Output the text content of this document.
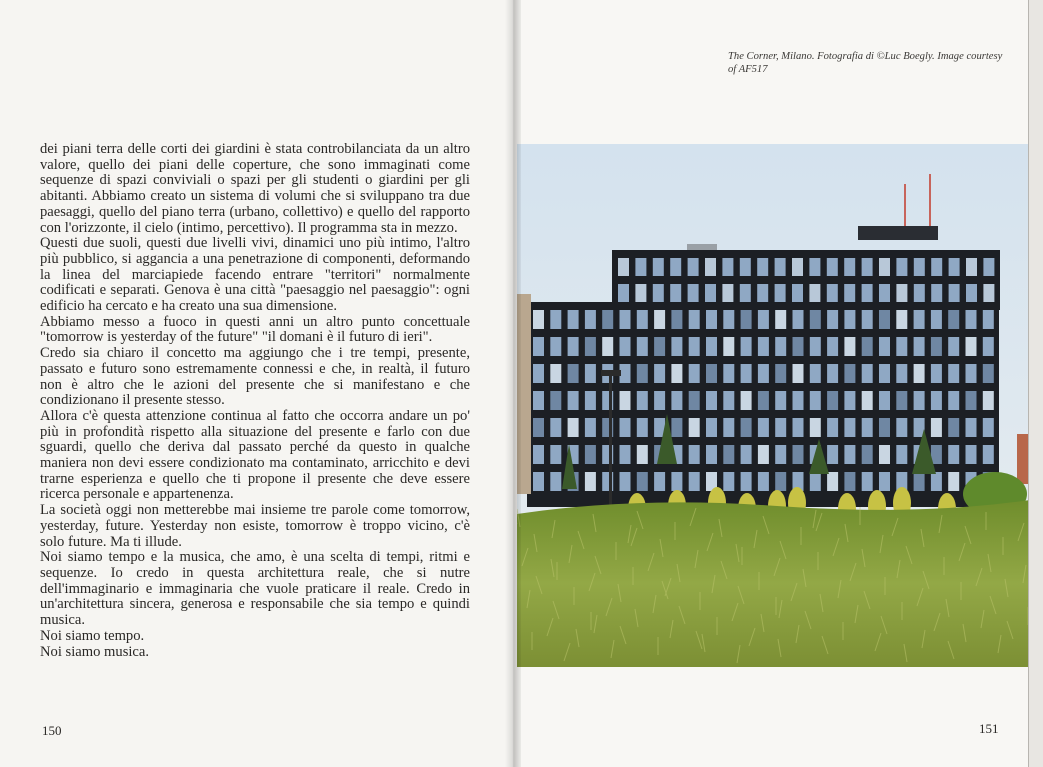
dei piani terra delle corti dei giardini è stata controbilanciata da un altro valore, quello dei piani delle coperture, che sono immaginati come sequenze di spazi conviviali o spazi per gli studenti o giardini per gli abitanti. Abbiamo creato un sistema di volumi che si sviluppano tra due paesaggi, quello del piano terra (urbano, collettivo) e quello del rapporto con l'orizzonte, il cielo (intimo, percettivo). Il programma sta in mezzo.

Questi due suoli, questi due livelli vivi, dinamici uno più intimo, l'altro più pubblico, si aggancia a una penetrazione di componenti, deformando la linea del marciapiede facendo entrare "territori" normalmente codificati e separati. Genova è una città "paesaggio nel paesaggio": ogni edificio ha cercato e ha creato una sua dimensione.

Abbiamo messo a fuoco in questi anni un altro punto concettuale "tomorrow is yesterday of the future" "il domani è il futuro di ieri".

Credo sia chiaro il concetto ma aggiungo che i tre tempi, presente, passato e futuro sono estremamente connessi e che, in realtà, il futuro non è altro che le azioni del presente che si manifestano e che condizionano il presente stesso.

Allora c'è questa attenzione continua al fatto che occorra andare un po' più in profondità rispetto alla situazione del presente e farlo con due sguardi, quello che deriva dal passato perché da questo in qualche maniera non devi essere condizionato ma contaminato, arricchito e devi trarne esperienza e quello che ti propone il presente che deve essere ricerca personale e appartenenza.

La società oggi non metterebbe mai insieme tre parole come tomorrow, yesterday, future. Yesterday non esiste, tomorrow è troppo vicino, c'è solo future. Ma ti illude.

Noi siamo tempo e la musica, che amo, è una scelta di tempi, ritmi e sequenze. Io credo in questa architettura reale, che si nutre dell'immaginario e immaginaria che vuole praticare il reale. Credo in un'architettura sincera, generosa e responsabile che sia tempo e quindi musica.

Noi siamo tempo.

Noi siamo musica.

150	151
The Corner, Milano. Fotografia di ©Luc Boegly. Image courtesy of AF517
